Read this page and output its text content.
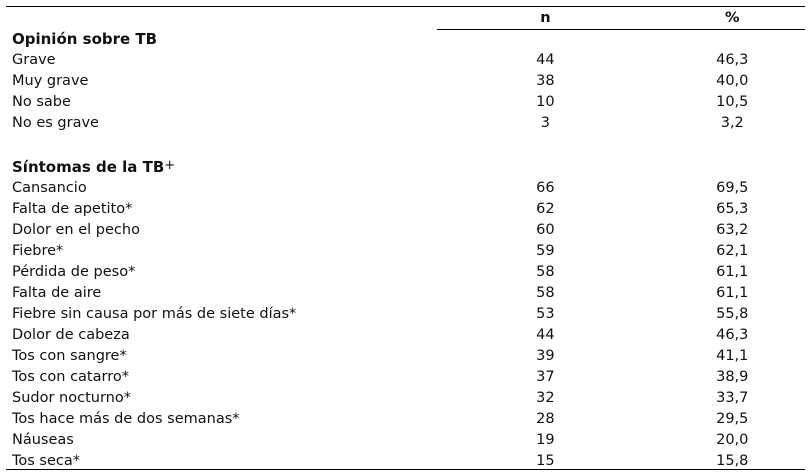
	n	%
Opinión sobre TB		
Grave	44	46,3
Muy grave	38	40,0
No sabe	10	10,5
No es grave	3	3,2

Síntomas de la TB+		
Cansancio	66	69,5
Falta de apetito*	62	65,3
Dolor en el pecho	60	63,2
Fiebre*	59	62,1
Pérdida de peso*	58	61,1
Falta de aire	58	61,1
Fiebre sin causa por más de siete días*	53	55,8
Dolor de cabeza	44	46,3
Tos con sangre*	39	41,1
Tos con catarro*	37	38,9
Sudor nocturno*	32	33,7
Tos hace más de dos semanas*	28	29,5
Náuseas	19	20,0
Tos seca*	15	15,8
